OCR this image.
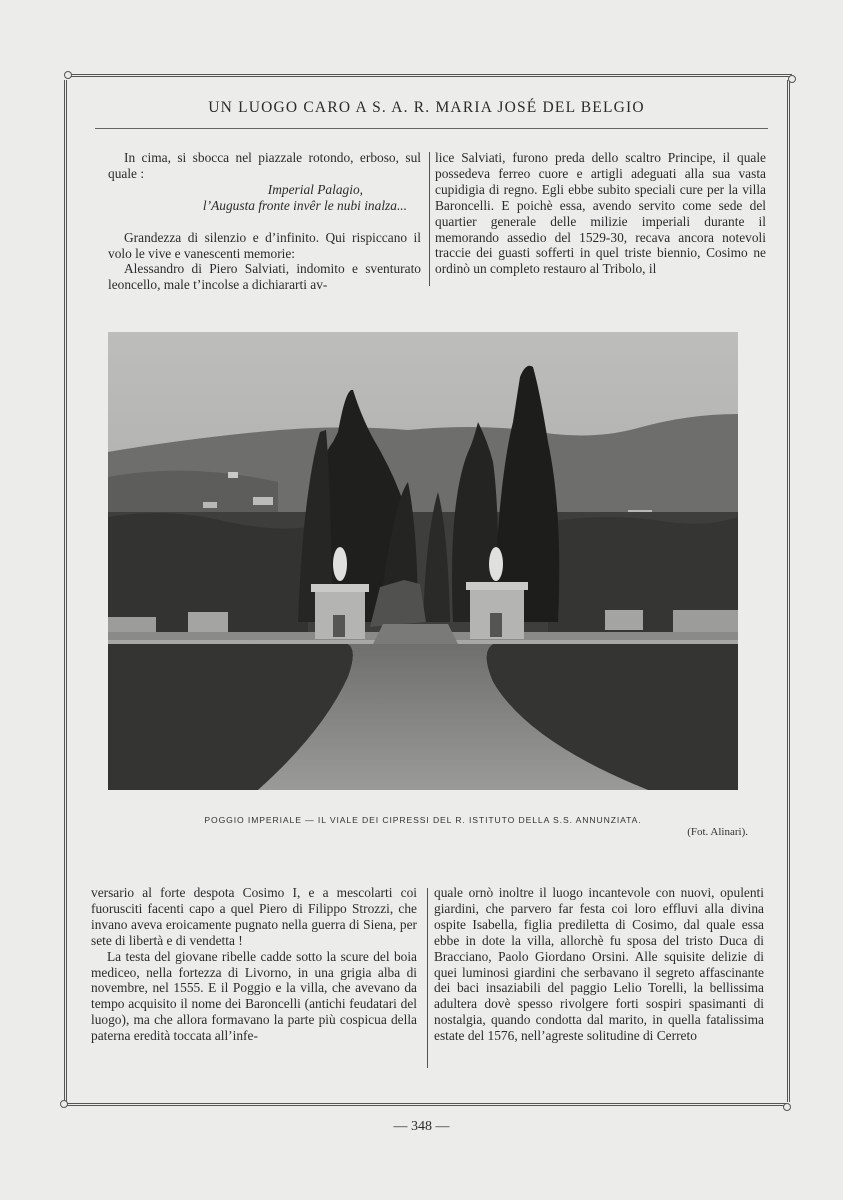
UN LUOGO CARO A S. A. R. MARIA JOSÉ DEL BELGIO

In cima, si sbocca nel piazzale rotondo, erboso, sul quale :

Imperial Palagio,

l’Augusta fronte invêr le nubi inalza...

Grandezza di silenzio e d’infinito. Qui rispiccano il volo le vive e vanescenti memorie:

Alessandro di Piero Salviati, indomito e sventurato leoncello, male t’incolse a dichiararti av-

lice Salviati, furono preda dello scaltro Principe, il quale possedeva ferreo cuore e artigli adeguati alla sua vasta cupidigia di regno. Egli ebbe subito speciali cure per la villa Baroncelli. E poichè essa, avendo servito come sede del quartier generale delle milizie imperiali durante il memorando assedio del 1529-30, recava ancora notevoli traccie dei guasti sofferti in quel triste biennio, Cosimo ne ordinò un completo restauro al Tribolo, il

POGGIO IMPERIALE — IL VIALE DEI CIPRESSI DEL R. ISTITUTO DELLA S.S. ANNUNZIATA.
(Fot. Alinari).

versario al forte despota Cosimo I, e a mescolarti coi fuorusciti facenti capo a quel Piero di Filippo Strozzi, che invano aveva eroicamente pugnato nella guerra di Siena, per sete di libertà e di vendetta !

La testa del giovane ribelle cadde sotto la scure del boia mediceo, nella fortezza di Livorno, in una grigia alba di novembre, nel 1555. E il Poggio e la villa, che avevano da tempo acquisito il nome dei Baroncelli (antichi feudatari del luogo), ma che allora formavano la parte più cospicua della paterna eredità toccata all’infe-

quale ornò inoltre il luogo incantevole con nuovi, opulenti giardini, che parvero far festa coi loro effluvi alla divina ospite Isabella, figlia prediletta di Cosimo, dal quale essa ebbe in dote la villa, allorchè fu sposa del tristo Duca di Bracciano, Paolo Giordano Orsini. Alle squisite delizie di quei luminosi giardini che serbavano il segreto affascinante dei baci insaziabili del paggio Lelio Torelli, la bellissima adultera dovè spesso rivolgere forti sospiri spasimanti di nostalgia, quando condotta dal marito, in quella fatalissima estate del 1576, nell’agreste solitudine di Cerreto

— 348 —
